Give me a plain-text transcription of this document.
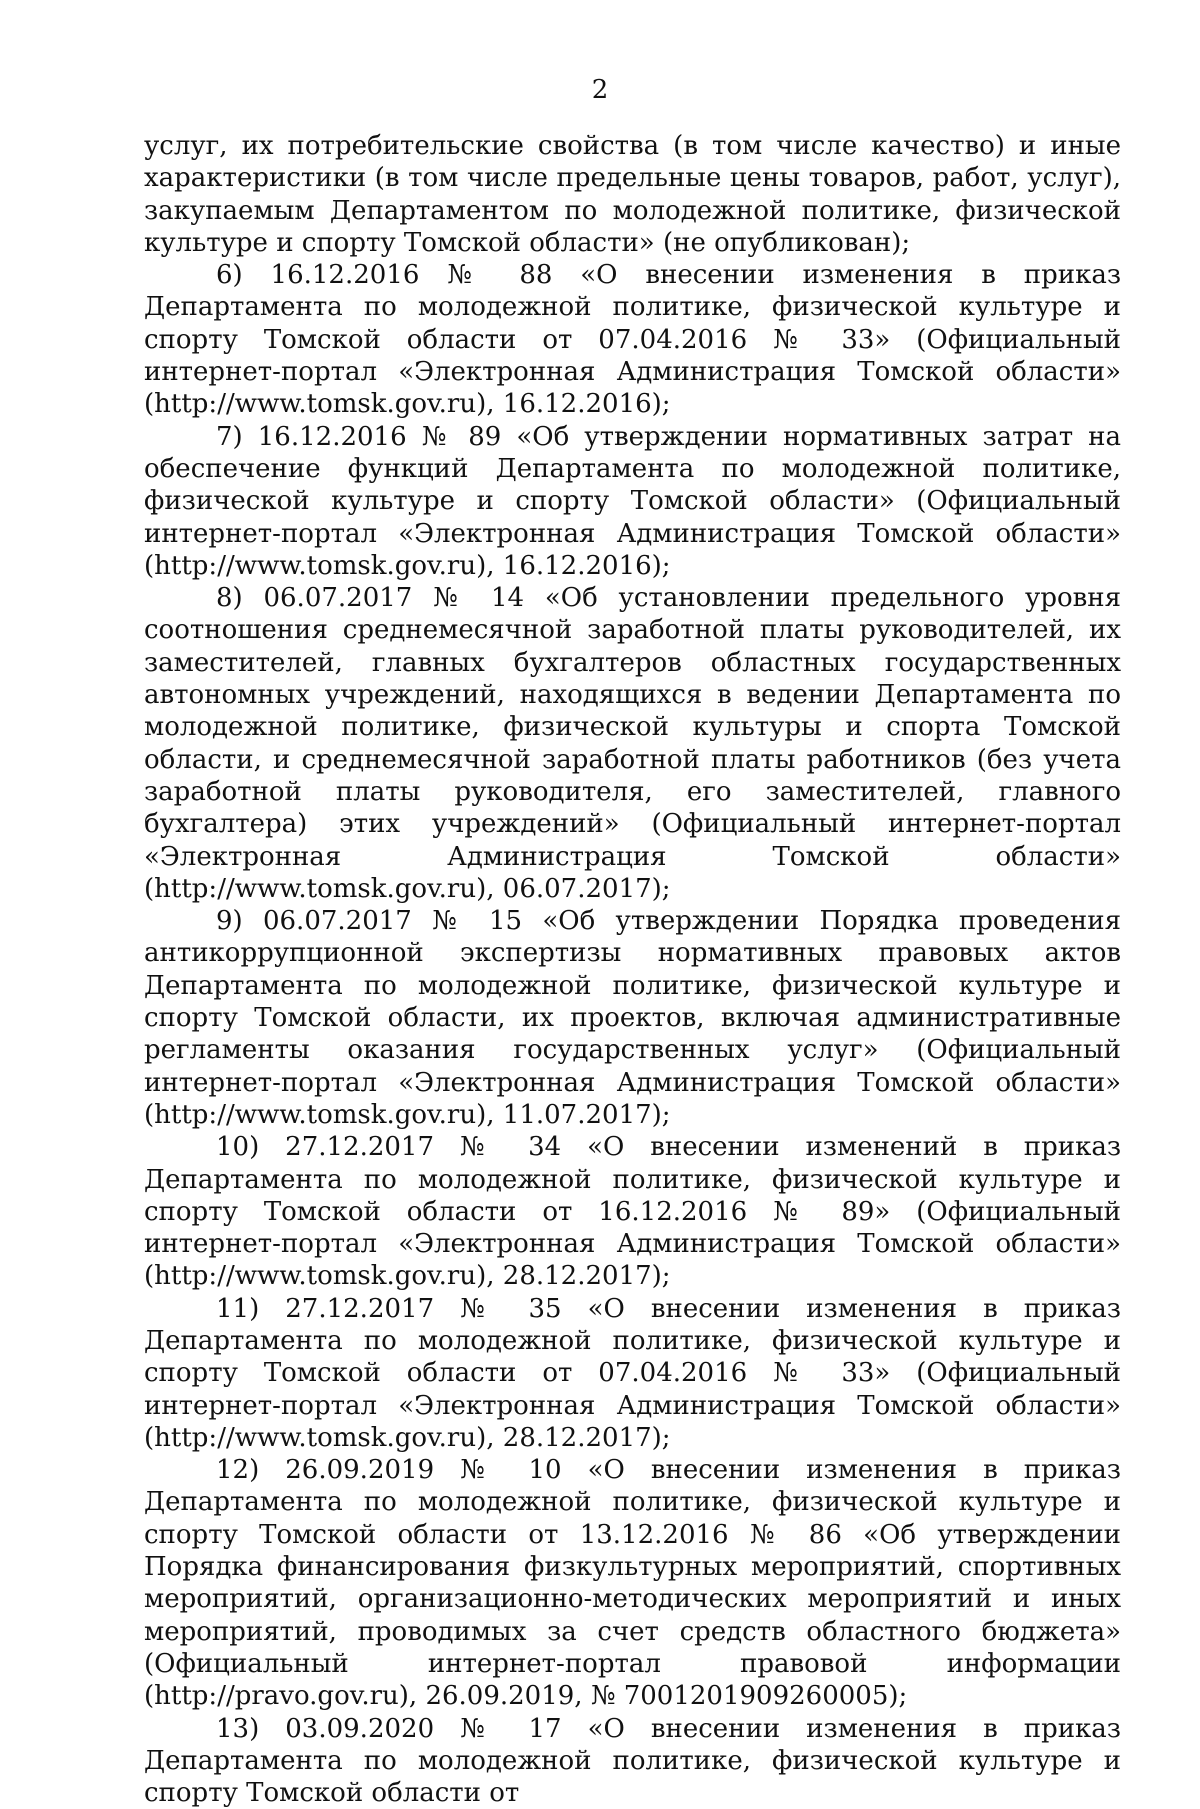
2

услуг, их потребительские свойства (в том числе качество) и иные характеристики (в том числе предельные цены товаров, работ, услуг), закупаемым Департаментом по молодежной политике, физической культуре и спорту Томской области» (не опубликован);

6) 16.12.2016 № 88 «О внесении изменения в приказ Департамента по молодежной политике, физической культуре и спорту Томской области от 07.04.2016 № 33» (Официальный интернет-портал «Электронная Администрация Томской области» (http://www.tomsk.gov.ru), 16.12.2016);

7) 16.12.2016 № 89 «Об утверждении нормативных затрат на обеспечение функций Департамента по молодежной политике, физической культуре и спорту Томской области» (Официальный интернет-портал «Электронная Администрация Томской области» (http://www.tomsk.gov.ru), 16.12.2016);

8) 06.07.2017 № 14 «Об установлении предельного уровня соотношения среднемесячной заработной платы руководителей, их заместителей, главных бухгалтеров областных государственных автономных учреждений, находящихся в ведении Департамента по молодежной политике, физической культуры и спорта Томской области, и среднемесячной заработной платы работников (без учета заработной платы руководителя, его заместителей, главного бухгалтера) этих учреждений» (Официальный интернет-портал «Электронная Администрация Томской области» (http://www.tomsk.gov.ru), 06.07.2017);

9) 06.07.2017 № 15 «Об утверждении Порядка проведения антикоррупционной экспертизы нормативных правовых актов Департамента по молодежной политике, физической культуре и спорту Томской области, их проектов, включая административные регламенты оказания государственных услуг» (Официальный интернет-портал «Электронная Администрация Томской области» (http://www.tomsk.gov.ru), 11.07.2017);

10) 27.12.2017 № 34 «О внесении изменений в приказ Департамента по молодежной политике, физической культуре и спорту Томской области от 16.12.2016 № 89» (Официальный интернет-портал «Электронная Администрация Томской области» (http://www.tomsk.gov.ru), 28.12.2017);

11) 27.12.2017 № 35 «О внесении изменения в приказ Департамента по молодежной политике, физической культуре и спорту Томской области от 07.04.2016 № 33» (Официальный интернет-портал «Электронная Администрация Томской области» (http://www.tomsk.gov.ru), 28.12.2017);

12) 26.09.2019 № 10 «О внесении изменения в приказ Департамента по молодежной политике, физической культуре и спорту Томской области от 13.12.2016 № 86 «Об утверждении Порядка финансирования физкультурных мероприятий, спортивных мероприятий, организационно-методических мероприятий и иных мероприятий, проводимых за счет средств областного бюджета» (Официальный интернет-портал правовой информации (http://pravo.gov.ru), 26.09.2019, № 7001201909260005);

13) 03.09.2020 № 17 «О внесении изменения в приказ Департамента по молодежной политике, физической культуре и спорту Томской области от
